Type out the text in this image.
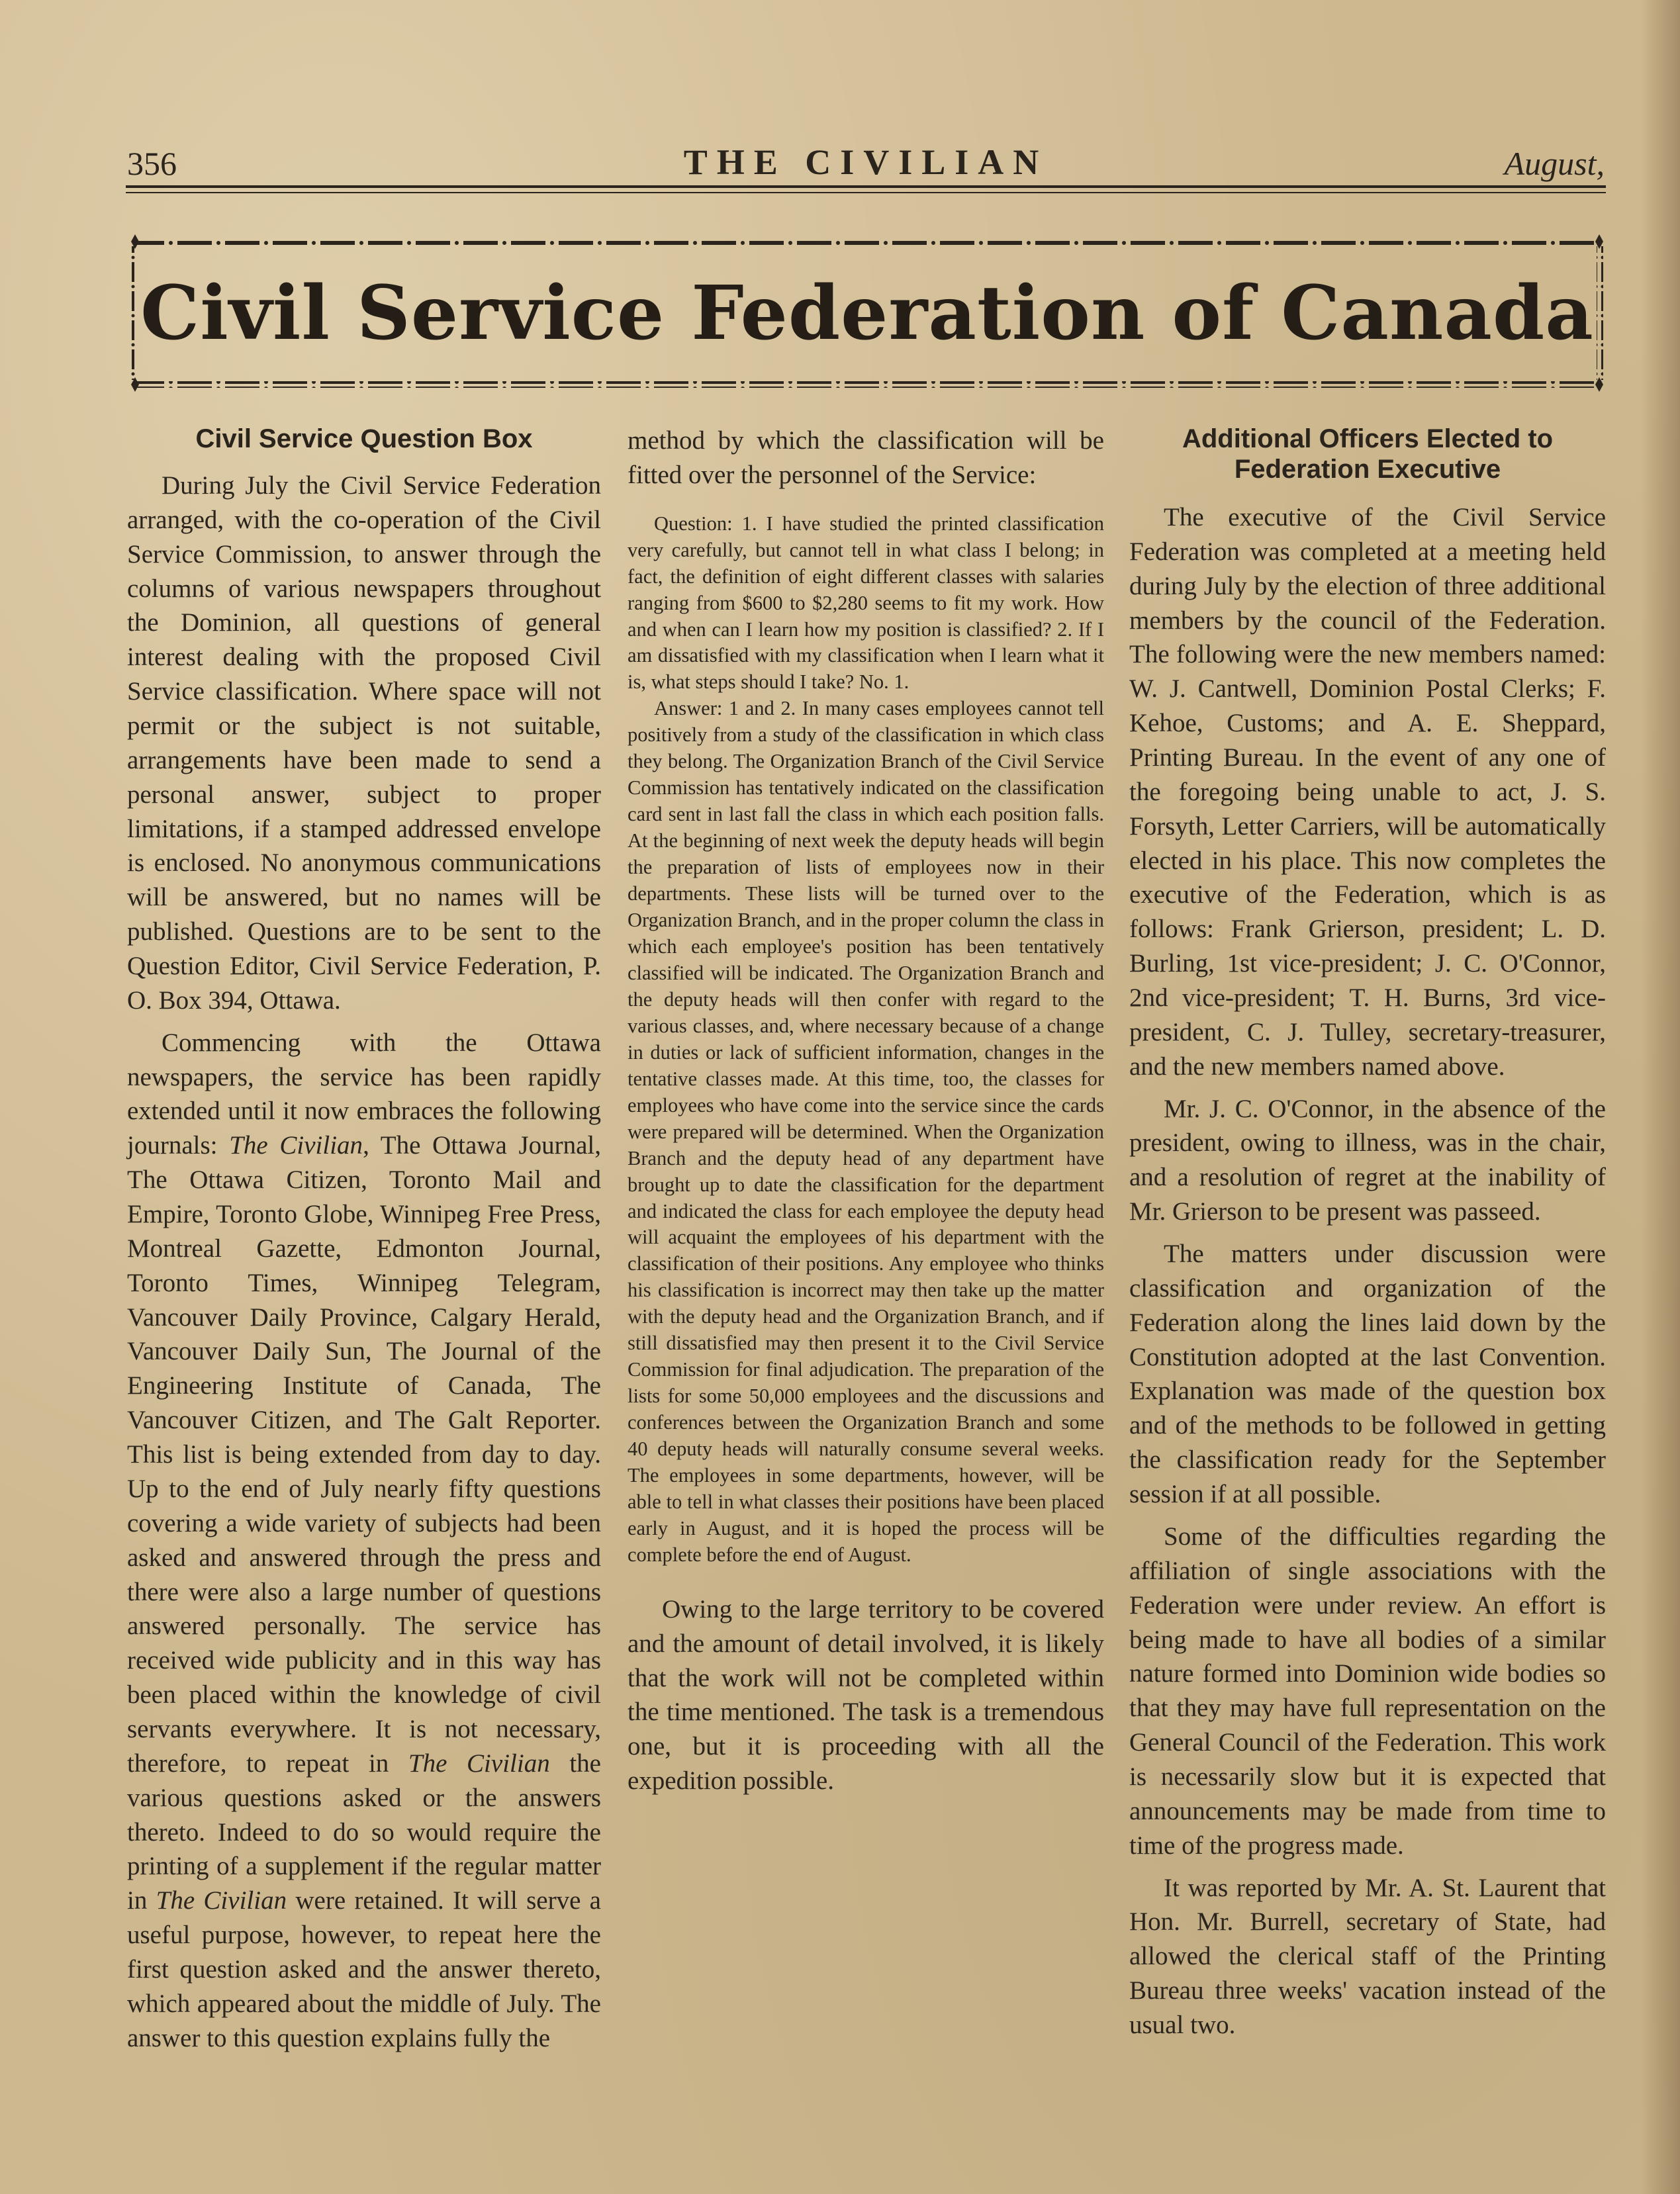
356	THE CIVILIAN	August,
Civil Service Federation of Canada
Civil Service Question Box

During July the Civil Service Federation arranged, with the co-operation of the Civil Service Commission, to answer through the columns of various newspapers throughout the Dominion, all questions of general interest dealing with the proposed Civil Service classification. Where space will not permit or the subject is not suitable, arrangements have been made to send a personal answer, subject to proper limitations, if a stamped addressed envelope is enclosed. No anonymous communications will be answered, but no names will be published. Questions are to be sent to the Question Editor, Civil Service Federation, P. O. Box 394, Ottawa.

Commencing with the Ottawa newspapers, the service has been rapidly extended until it now embraces the following journals: The Civilian, The Ottawa Journal, The Ottawa Citizen, Toronto Mail and Empire, Toronto Globe, Winnipeg Free Press, Montreal Gazette, Edmonton Journal, Toronto Times, Winnipeg Telegram, Vancouver Daily Province, Calgary Herald, Vancouver Daily Sun, The Journal of the Engineering Institute of Canada, The Vancouver Citizen, and The Galt Reporter. This list is being extended from day to day. Up to the end of July nearly fifty questions covering a wide variety of subjects had been asked and answered through the press and there were also a large number of questions answered personally. The service has received wide publicity and in this way has been placed within the knowledge of civil servants everywhere. It is not necessary, therefore, to repeat in The Civilian the various questions asked or the answers thereto. Indeed to do so would require the printing of a supplement if the regular matter in The Civilian were retained. It will serve a useful purpose, however, to repeat here the first question asked and the answer thereto, which appeared about the middle of July. The answer to this question explains fully the

method by which the classification will be fitted over the personnel of the Service:

Question: 1. I have studied the printed classification very carefully, but cannot tell in what class I belong; in fact, the definition of eight different classes with salaries ranging from $600 to $2,280 seems to fit my work. How and when can I learn how my position is classified? 2. If I am dissatisfied with my classification when I learn what it is, what steps should I take? No. 1.

Answer: 1 and 2. In many cases employees cannot tell positively from a study of the classification in which class they belong. The Organization Branch of the Civil Service Commission has tentatively indicated on the classification card sent in last fall the class in which each position falls. At the beginning of next week the deputy heads will begin the preparation of lists of employees now in their departments. These lists will be turned over to the Organization Branch, and in the proper column the class in which each employee's position has been tentatively classified will be indicated. The Organization Branch and the deputy heads will then confer with regard to the various classes, and, where necessary because of a change in duties or lack of sufficient information, changes in the tentative classes made. At this time, too, the classes for employees who have come into the service since the cards were prepared will be determined. When the Organization Branch and the deputy head of any department have brought up to date the classification for the department and indicated the class for each employee the deputy head will acquaint the employees of his department with the classification of their positions. Any employee who thinks his classification is incorrect may then take up the matter with the deputy head and the Organization Branch, and if still dissatisfied may then present it to the Civil Service Commission for final adjudication. The preparation of the lists for some 50,000 employees and the discussions and conferences between the Organization Branch and some 40 deputy heads will naturally consume several weeks. The employees in some departments, however, will be able to tell in what classes their positions have been placed early in August, and it is hoped the process will be complete before the end of August.

Owing to the large territory to be covered and the amount of detail involved, it is likely that the work will not be completed within the time mentioned. The task is a tremendous one, but it is proceeding with all the expedition possible.

Additional Officers Elected to Federation Executive

The executive of the Civil Service Federation was completed at a meeting held during July by the election of three additional members by the council of the Federation. The following were the new members named: W. J. Cantwell, Dominion Postal Clerks; F. Kehoe, Customs; and A. E. Sheppard, Printing Bureau. In the event of any one of the foregoing being unable to act, J. S. Forsyth, Letter Carriers, will be automatically elected in his place. This now completes the executive of the Federation, which is as follows: Frank Grierson, president; L. D. Burling, 1st vice-president; J. C. O'Connor, 2nd vice-president; T. H. Burns, 3rd vice-president, C. J. Tulley, secretary-treasurer, and the new members named above.

Mr. J. C. O'Connor, in the absence of the president, owing to illness, was in the chair, and a resolution of regret at the inability of Mr. Grierson to be present was passeed.

The matters under discussion were classification and organization of the Federation along the lines laid down by the Constitution adopted at the last Convention. Explanation was made of the question box and of the methods to be followed in getting the classification ready for the September session if at all possible.

Some of the difficulties regarding the affiliation of single associations with the Federation were under review. An effort is being made to have all bodies of a similar nature formed into Dominion wide bodies so that they may have full representation on the General Council of the Federation. This work is necessarily slow but it is expected that announcements may be made from time to time of the progress made.

It was reported by Mr. A. St. Laurent that Hon. Mr. Burrell, secretary of State, had allowed the clerical staff of the Printing Bureau three weeks' vacation instead of the usual two.
